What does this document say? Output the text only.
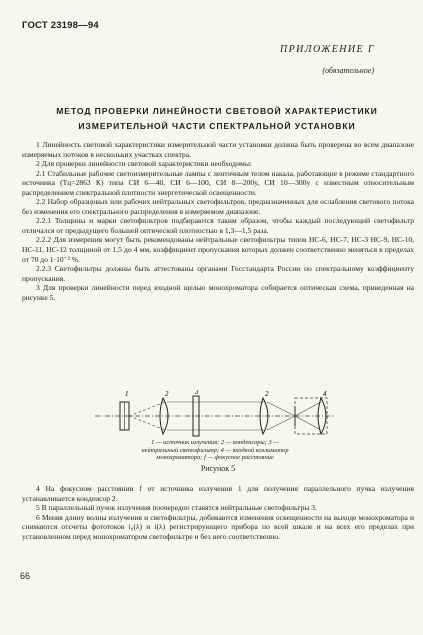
ГОСТ 23198—94
ПРИЛОЖЕНИЕ Г
(обязательное)
МЕТОД ПРОВЕРКИ ЛИНЕЙНОСТИ СВЕТОВОЙ ХАРАКТЕРИСТИКИ
ИЗМЕРИТЕЛЬНОЙ ЧАСТИ СПЕКТРАЛЬНОЙ УСТАНОВКИ

1 Линейность световой характеристики измерительной части установки должна быть проверена во всем диапазоне измеряемых потоков в нескольких участках спектра.

2 Для проверки линейности световой характеристики необходимы:

2.1 Стабильные рабочие светоизмерительные лампы с ленточным телом накала, работающие в режиме стандартного источника (Tц=2863 К) типа СИ 6—40, СИ 6—100, СИ 8—200у, СИ 10—300у с известным относительным распределением спектральной плотности энергетической освещенности.

2.2 Набор образцовых или рабочих нейтральных светофильтров, предназначенных для ослабления светового потока без изменения его спектрального распределения в измеряемом диапазоне.

2.2.1 Толщины и марки светофильтров подбираются таким образом, чтобы каждый последующий светофильтр отличался от предыдущего большей оптической плотностью в 1,3—1,5 раза.

2.2.2 Для измерения могут быть рекомендованы нейтральные светофильтры типов НС-6, НС-7, НС-3 НС-9, НС-10, НС-11, НС-12 толщиной от 1,5 до 4 мм, коэффициент пропускания которых должен соответственно меняться в пределах от 70 до 1·10⁻² %.

2.2.3 Светофильтры должны быть аттестованы органами Госстандарта России по спектральному коэффициенту пропускания.

3 Для проверки линейности перед входной щелью монохроматора собирается оптическая схема, приведенная на рисунке 5.

1	2	3	2	4
1 — источник излучения; 2 — конденсоры; 3 —
нейтральный светофильтр; 4 — входной коллиматор
монохроматора; f — фокусное расстояние
Рисунок 5

4 На фокусном расстоянии f от источника излучения 1 для получения параллельного пучка излучения устанавливается конденсор 2.

5 В параллельный пучок излучения поочередно ставятся нейтральные светофильтры 3.

6 Меняя длину волны излучения и светофильтры, добиваются изменения освещенности на выходе монохроматора и снимаются отсчеты фототоков i₀(λ) и i(λ) регистрирующего прибора по всей шкале и на всех его пределах при установленном перед монохроматором светофильтре и без него соответственно.

66
